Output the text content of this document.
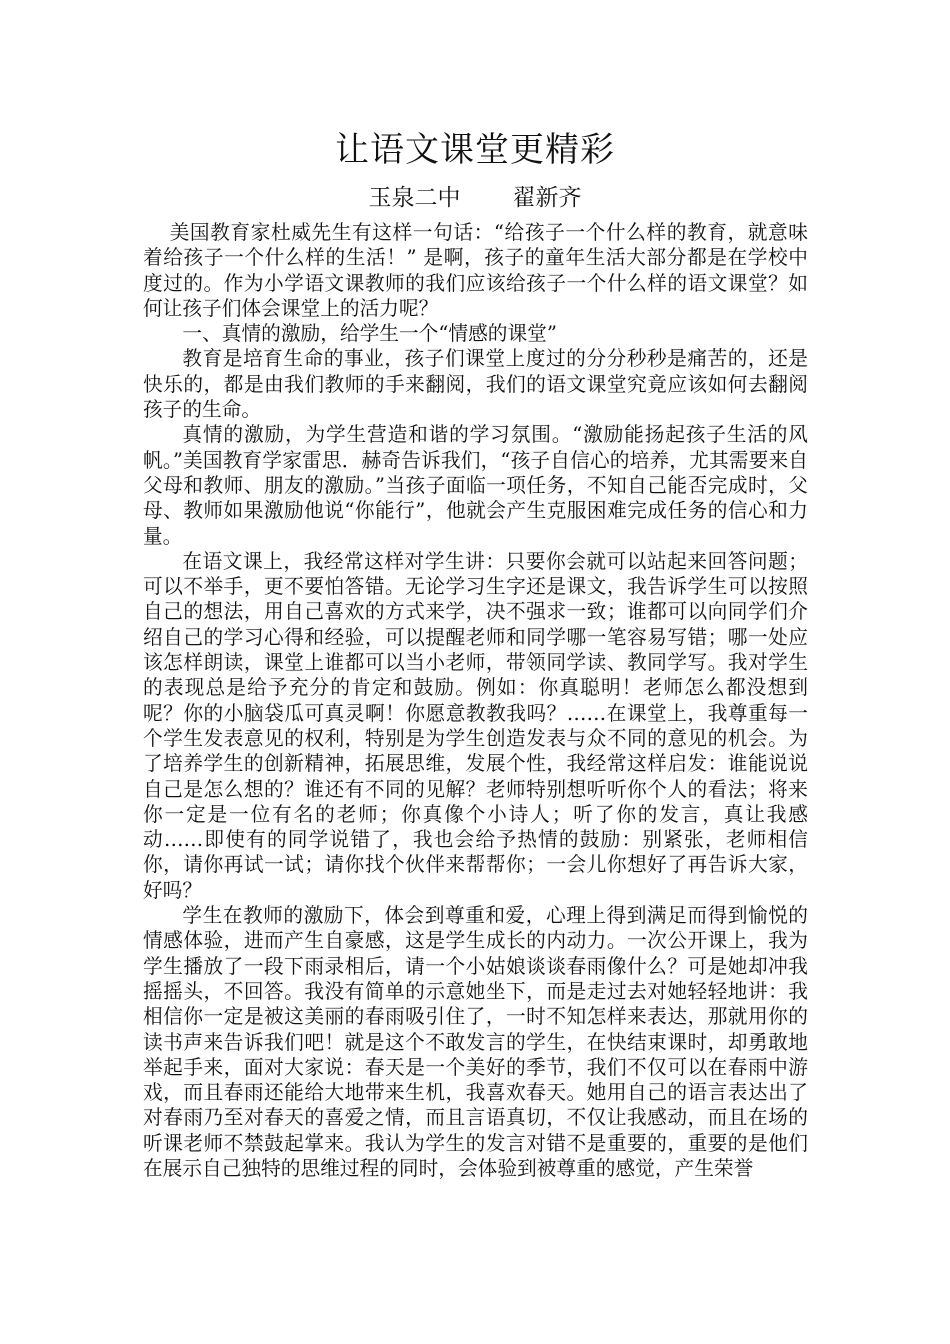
让语文课堂更精彩
玉泉二中 翟新齐

美国教育家杜威先生有这样一句话：“给孩子一个什么样的教育，就意味着给孩子一个什么样的生活！” 是啊，孩子的童年生活大部分都是在学校中度过的。作为小学语文课教师的我们应该给孩子一个什么样的语文课堂？如何让孩子们体会课堂上的活力呢？

一、真情的激励，给学生一个“情感的课堂”

教育是培育生命的事业，孩子们课堂上度过的分分秒秒是痛苦的，还是快乐的，都是由我们教师的手来翻阅，我们的语文课堂究竟应该如何去翻阅孩子的生命。

真情的激励，为学生营造和谐的学习氛围。“激励能扬起孩子生活的风帆。”美国教育学家雷思．赫奇告诉我们，“孩子自信心的培养，尤其需要来自父母和教师、朋友的激励。”当孩子面临一项任务，不知自己能否完成时，父母、教师如果激励他说“你能行”，他就会产生克服困难完成任务的信心和力量。

在语文课上，我经常这样对学生讲：只要你会就可以站起来回答问题；可以不举手，更不要怕答错。无论学习生字还是课文，我告诉学生可以按照自己的想法，用自己喜欢的方式来学，决不强求一致；谁都可以向同学们介绍自己的学习心得和经验，可以提醒老师和同学哪一笔容易写错；哪一处应该怎样朗读，课堂上谁都可以当小老师，带领同学读、教同学写。我对学生的表现总是给予充分的肯定和鼓励。例如：你真聪明！老师怎么都没想到呢？你的小脑袋瓜可真灵啊！你愿意教教我吗？……在课堂上，我尊重每一个学生发表意见的权利，特别是为学生创造发表与众不同的意见的机会。为了培养学生的创新精神，拓展思维，发展个性，我经常这样启发：谁能说说自己是怎么想的？谁还有不同的见解？老师特别想听听你个人的看法；将来你一定是一位有名的老师；你真像个小诗人；听了你的发言，真让我感动……即使有的同学说错了，我也会给予热情的鼓励：别紧张，老师相信你，请你再试一试；请你找个伙伴来帮帮你；一会儿你想好了再告诉大家，好吗？

学生在教师的激励下，体会到尊重和爱，心理上得到满足而得到愉悦的情感体验，进而产生自豪感，这是学生成长的内动力。一次公开课上，我为学生播放了一段下雨录相后，请一个小姑娘谈谈春雨像什么？可是她却冲我摇摇头，不回答。我没有简单的示意她坐下，而是走过去对她轻轻地讲：我相信你一定是被这美丽的春雨吸引住了，一时不知怎样来表达，那就用你的读书声来告诉我们吧！就是这个不敢发言的学生，在快结束课时，却勇敢地举起手来，面对大家说：春天是一个美好的季节，我们不仅可以在春雨中游戏，而且春雨还能给大地带来生机，我喜欢春天。她用自己的语言表达出了对春雨乃至对春天的喜爱之情，而且言语真切，不仅让我感动，而且在场的听课老师不禁鼓起掌来。我认为学生的发言对错不是重要的，重要的是他们在展示自己独特的思维过程的同时，会体验到被尊重的感觉，产生荣誉
